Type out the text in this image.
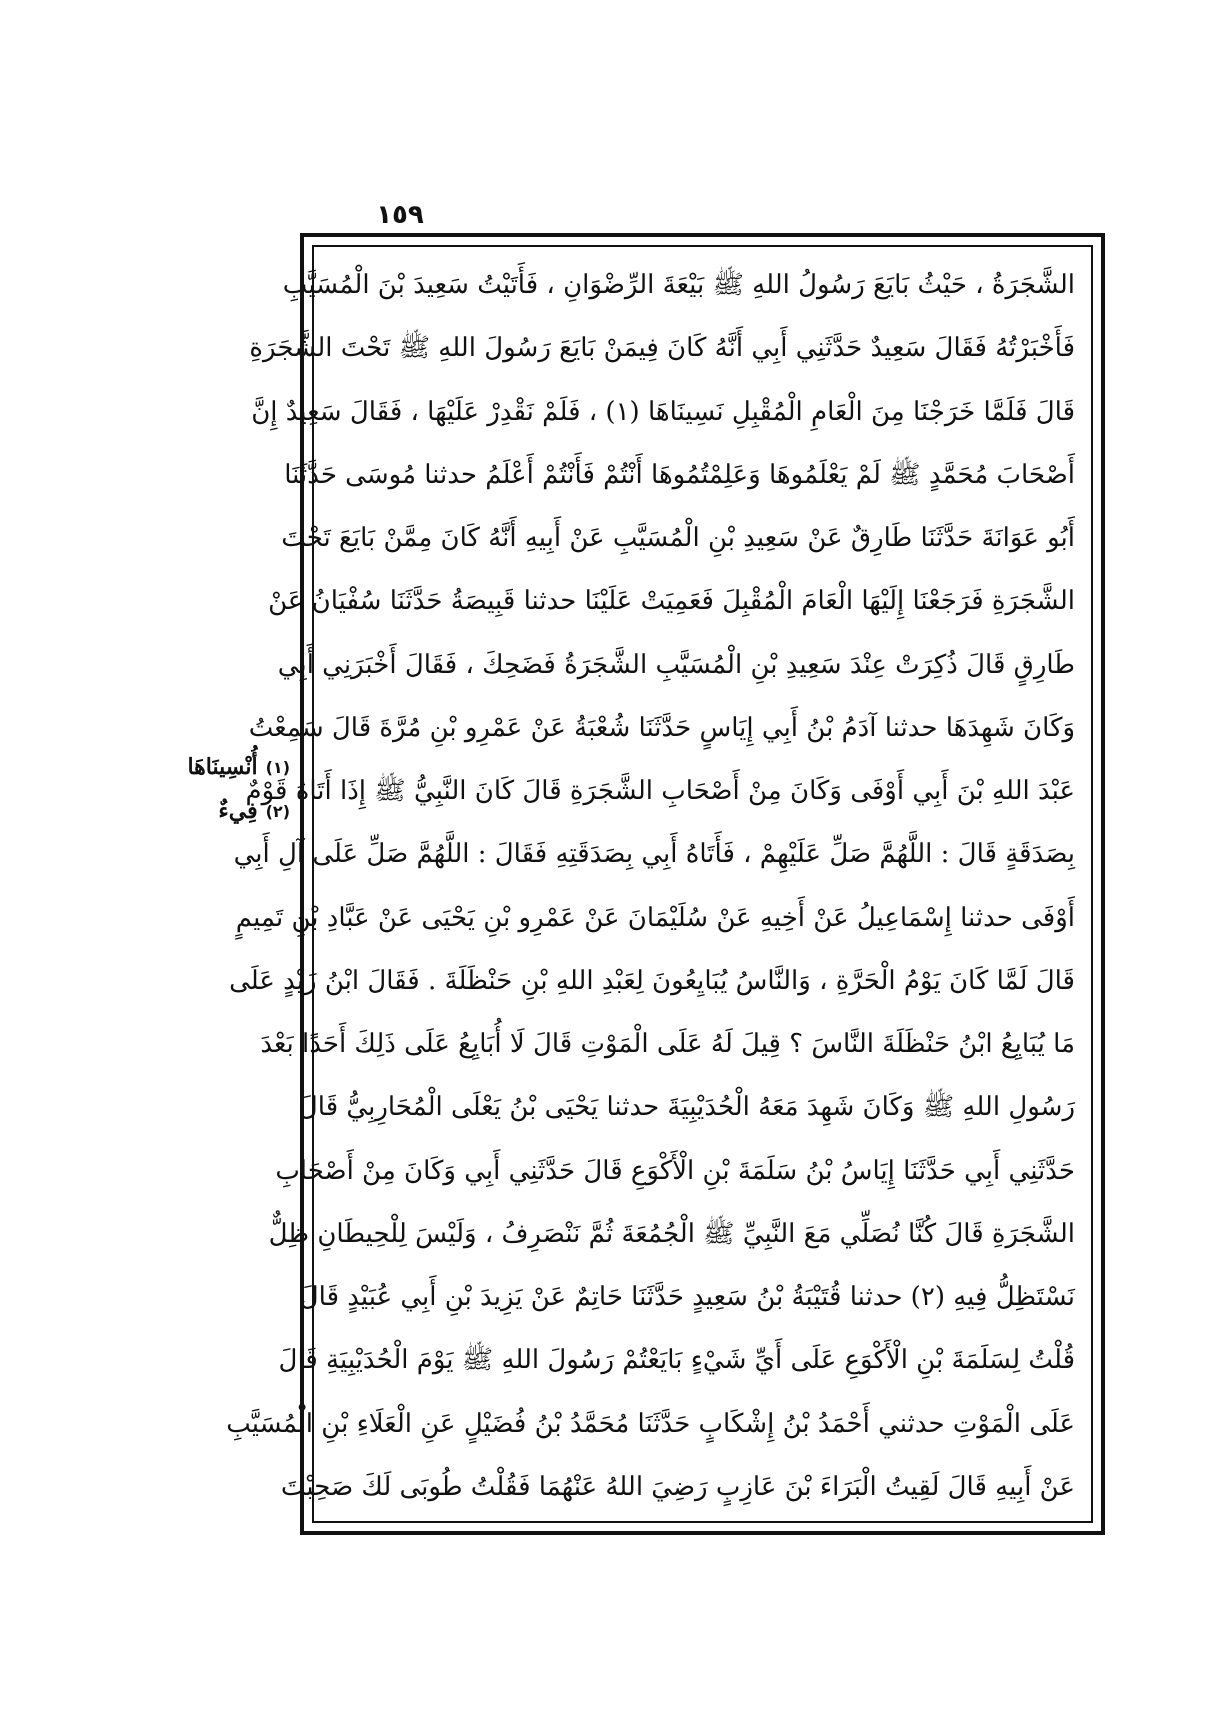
١٥٩
الشَّجَرَةُ ، حَيْثُ بَايَعَ رَسُولُ اللهِ ﷺ بَيْعَةَ الرِّضْوَانِ ، فَأَتَيْتُ سَعِيدَ بْنَ الْمُسَيَّبِ
فَأَخْبَرْتُهُ فَقَالَ سَعِيدٌ حَدَّثَنِي أَبِي أَنَّهُ كَانَ فِيمَنْ بَايَعَ رَسُولَ اللهِ ﷺ تَحْتَ الشَّجَرَةِ
قَالَ فَلَمَّا خَرَجْنَا مِنَ الْعَامِ الْمُقْبِلِ نَسِينَاهَا (١) ، فَلَمْ نَقْدِرْ عَلَيْهَا ، فَقَالَ سَعِيدٌ إِنَّ
أَصْحَابَ مُحَمَّدٍ ﷺ لَمْ يَعْلَمُوهَا وَعَلِمْتُمُوهَا أَنْتُمْ فَأَنْتُمْ أَعْلَمُ حدثنا مُوسَى حَدَّثَنَا
أَبُو عَوَانَةَ حَدَّثَنَا طَارِقٌ عَنْ سَعِيدِ بْنِ الْمُسَيَّبِ عَنْ أَبِيهِ أَنَّهُ كَانَ مِمَّنْ بَايَعَ تَحْتَ
الشَّجَرَةِ فَرَجَعْنَا إِلَيْهَا الْعَامَ الْمُقْبِلَ فَعَمِيَتْ عَلَيْنَا حدثنا قَبِيصَةُ حَدَّثَنَا سُفْيَانُ عَنْ
طَارِقٍ قَالَ ذُكِرَتْ عِنْدَ سَعِيدِ بْنِ الْمُسَيَّبِ الشَّجَرَةُ فَضَحِكَ ، فَقَالَ أَخْبَرَنِي أَبِي
وَكَانَ شَهِدَهَا حدثنا آدَمُ بْنُ أَبِي إِيَاسٍ حَدَّثَنَا شُعْبَةُ عَنْ عَمْرِو بْنِ مُرَّةَ قَالَ سَمِعْتُ
عَبْدَ اللهِ بْنَ أَبِي أَوْفَى وَكَانَ مِنْ أَصْحَابِ الشَّجَرَةِ قَالَ كَانَ النَّبِيُّ ﷺ إِذَا أَتَاهُ قَوْمٌ
بِصَدَقَةٍ قَالَ : اللَّهُمَّ صَلِّ عَلَيْهِمْ ، فَأَتَاهُ أَبِي بِصَدَقَتِهِ فَقَالَ : اللَّهُمَّ صَلِّ عَلَى آلِ أَبِي
أَوْفَى حدثنا إِسْمَاعِيلُ عَنْ أَخِيهِ عَنْ سُلَيْمَانَ عَنْ عَمْرِو بْنِ يَحْيَى عَنْ عَبَّادِ بْنِ تَمِيمٍ
قَالَ لَمَّا كَانَ يَوْمُ الْحَرَّةِ ، وَالنَّاسُ يُبَايِعُونَ لِعَبْدِ اللهِ بْنِ حَنْظَلَةَ . فَقَالَ ابْنُ زَيْدٍ عَلَى
مَا يُبَايِعُ ابْنُ حَنْظَلَةَ النَّاسَ ؟ قِيلَ لَهُ عَلَى الْمَوْتِ قَالَ لَا أُبَايِعُ عَلَى ذَلِكَ أَحَدًا بَعْدَ
رَسُولِ اللهِ ﷺ وَكَانَ شَهِدَ مَعَهُ الْحُدَيْبِيَةَ حدثنا يَحْيَى بْنُ يَعْلَى الْمُحَارِبِيُّ قَالَ
حَدَّثَنِي أَبِي حَدَّثَنَا إِيَاسُ بْنُ سَلَمَةَ بْنِ الْأَكْوَعِ قَالَ حَدَّثَنِي أَبِي وَكَانَ مِنْ أَصْحَابِ
الشَّجَرَةِ قَالَ كُنَّا نُصَلِّي مَعَ النَّبِيِّ ﷺ الْجُمُعَةَ ثُمَّ نَنْصَرِفُ ، وَلَيْسَ لِلْحِيطَانِ ظِلٌّ
نَسْتَظِلُّ فِيهِ (٢) حدثنا قُتَيْبَةُ بْنُ سَعِيدٍ حَدَّثَنَا حَاتِمٌ عَنْ يَزِيدَ بْنِ أَبِي عُبَيْدٍ قَالَ
قُلْتُ لِسَلَمَةَ بْنِ الْأَكْوَعِ عَلَى أَيِّ شَيْءٍ بَايَعْتُمْ رَسُولَ اللهِ ﷺ يَوْمَ الْحُدَيْبِيَةِ قَالَ
عَلَى الْمَوْتِ حدثني أَحْمَدُ بْنُ إِشْكَابٍ حَدَّثَنَا مُحَمَّدُ بْنُ فُضَيْلٍ عَنِ الْعَلَاءِ بْنِ الْمُسَيَّبِ
عَنْ أَبِيهِ قَالَ لَقِيتُ الْبَرَاءَ بْنَ عَازِبٍ رَضِيَ اللهُ عَنْهُمَا فَقُلْتُ طُوبَى لَكَ صَحِبْتَ
(١)
أُنْسِينَاهَا
(٢)
فِيءٌ
